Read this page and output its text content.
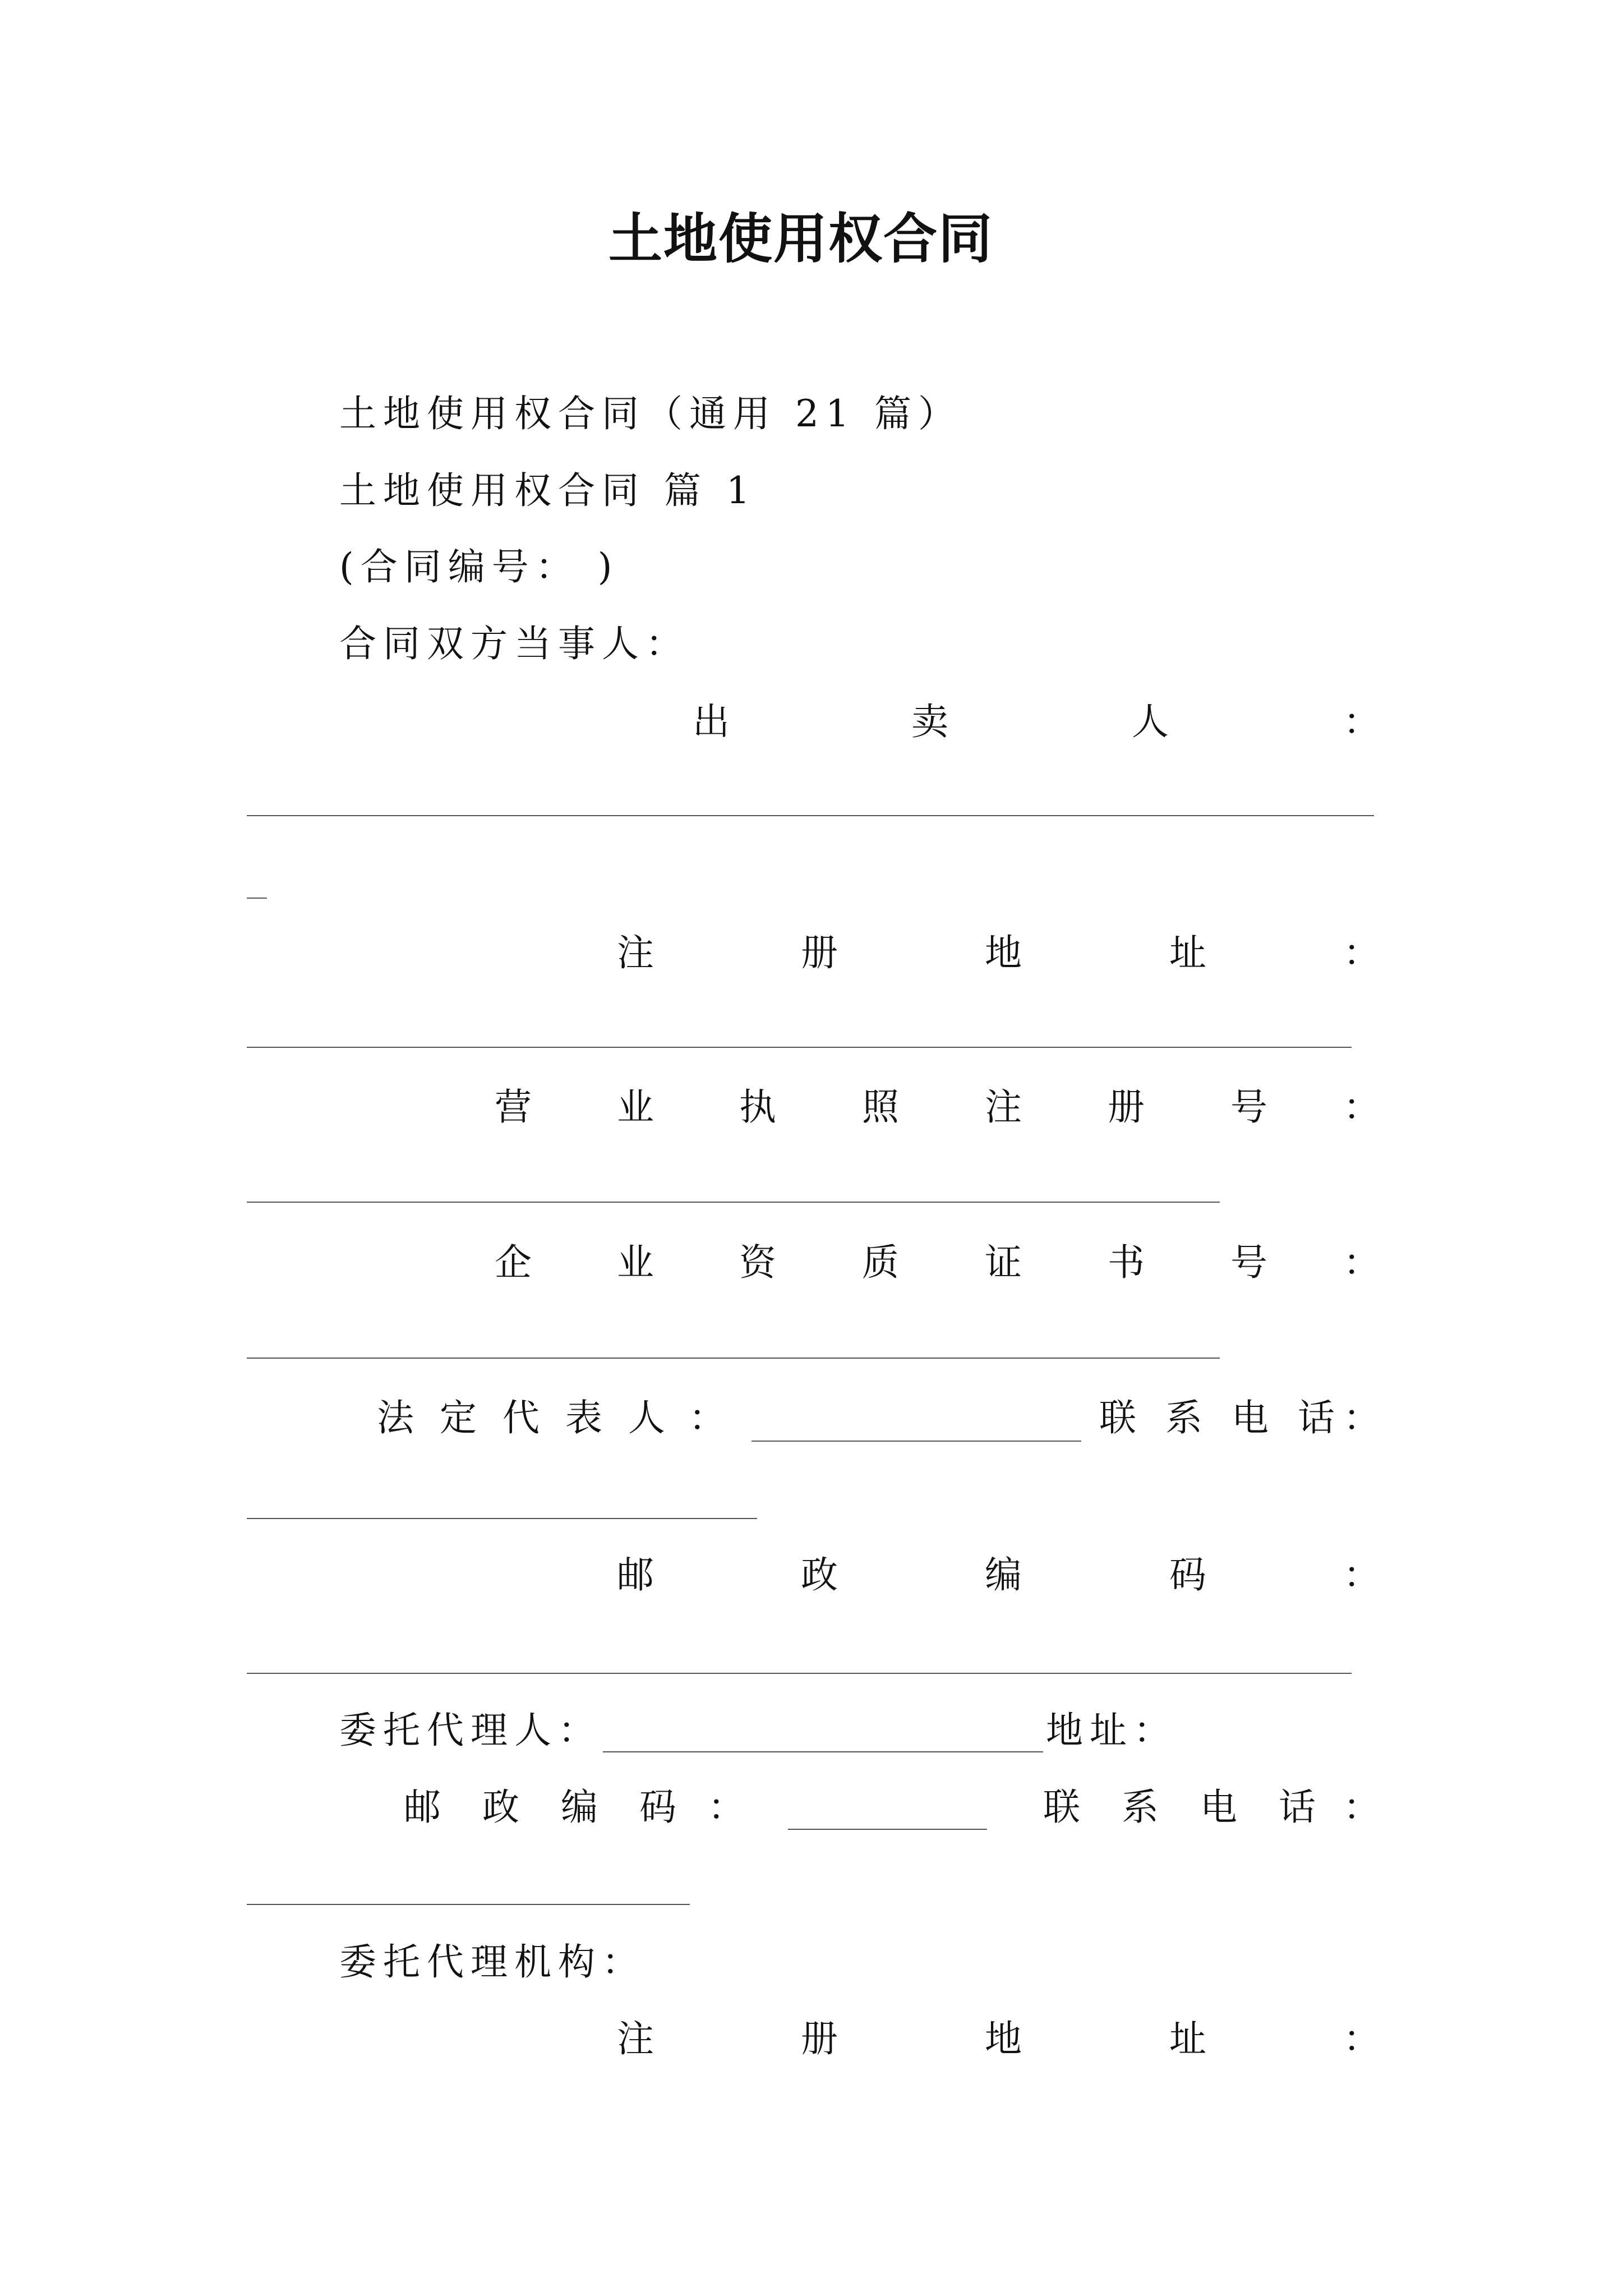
土地使用权合同
土地使用权合同（通用 21 篇）
土地使用权合同 篇 1
(合同编号： )
合同双方当事人：
出	卖	人	：
注	册	地	址	：
营 业 执 照 注 册 号 ：
企 业 资 质 证 书 号 ：
法 定 代 表 人 ：	联 系 电 话 ：
邮	政	编	码	：
委托代理人：	地址：
邮 政 编 码 ：	联 系 电 话 ：
委托代理机构：
注	册	地	址	：
